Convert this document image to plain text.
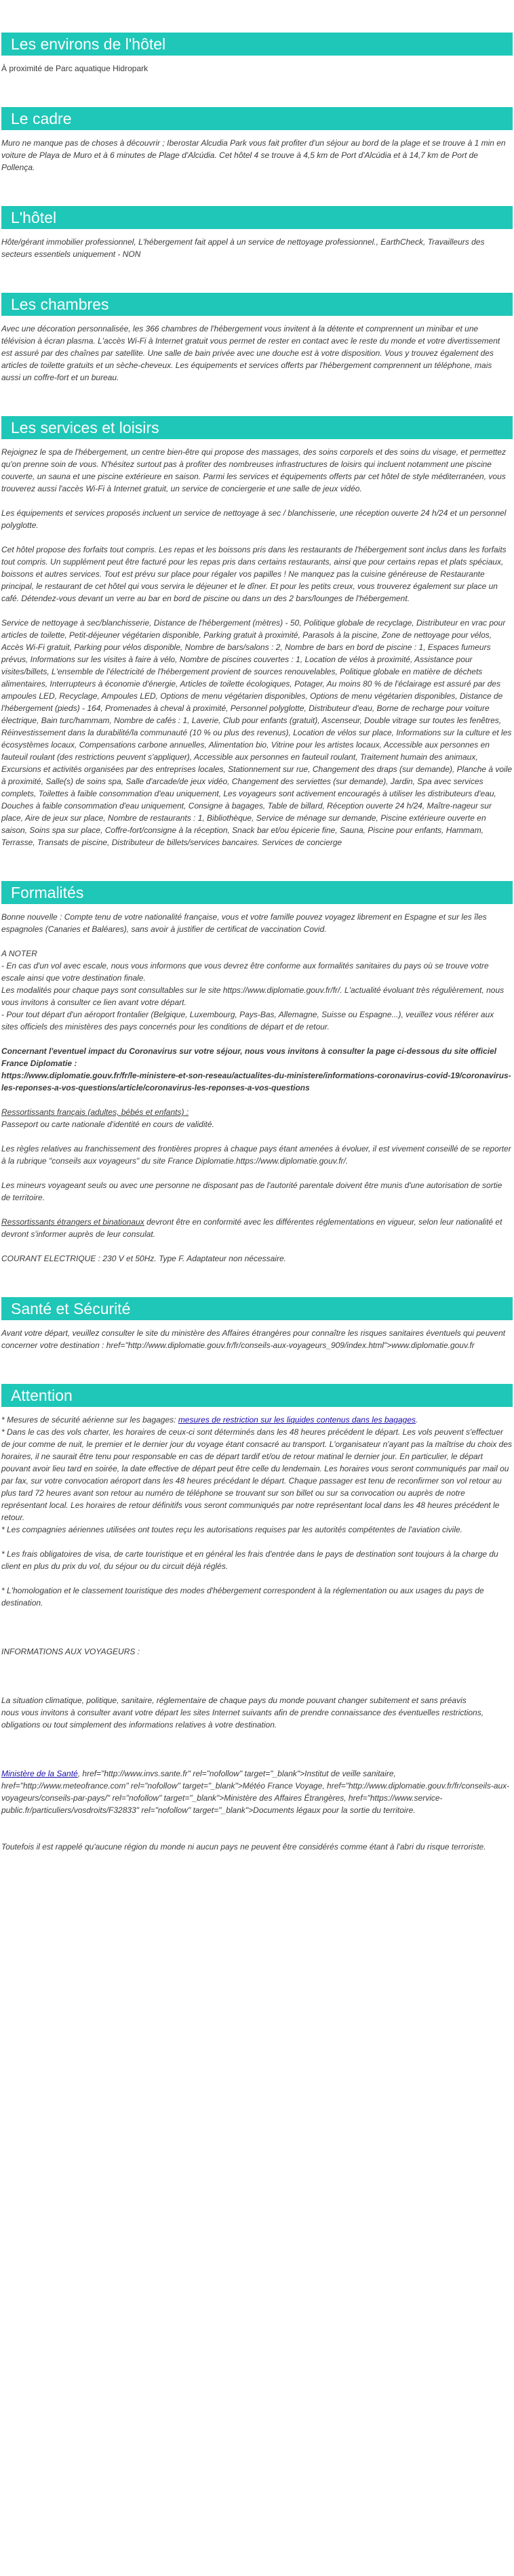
Les environs de l'hôtel

À proximité de Parc aquatique Hidropark

Le cadre

Muro ne manque pas de choses à découvrir ; Iberostar Alcudia Park vous fait profiter d'un séjour au bord de la plage et se trouve à 1 min en voiture de Playa de Muro et à 6 minutes de Plage d'Alcúdia. Cet hôtel 4 se trouve à 4,5 km de Port d'Alcúdia et à 14,7 km de Port de Pollença.

L'hôtel

Hôte/gérant immobilier professionnel, L'hébergement fait appel à un service de nettoyage professionnel., EarthCheck, Travailleurs des secteurs essentiels uniquement - NON

Les chambres

Avec une décoration personnalisée, les 366 chambres de l'hébergement vous invitent à la détente et comprennent un minibar et une télévision à écran plasma. L'accès Wi-Fi à Internet gratuit vous permet de rester en contact avec le reste du monde et votre divertissement est assuré par des chaînes par satellite. Une salle de bain privée avec une douche est à votre disposition. Vous y trouvez également des articles de toilette gratuits et un sèche-cheveux. Les équipements et services offerts par l'hébergement comprennent un téléphone, mais aussi un coffre-fort et un bureau.

Les services et loisirs

Rejoignez le spa de l'hébergement, un centre bien-être qui propose des massages, des soins corporels et des soins du visage, et permettez qu'on prenne soin de vous. N'hésitez surtout pas à profiter des nombreuses infrastructures de loisirs qui incluent notamment une piscine couverte, un sauna et une piscine extérieure en saison. Parmi les services et équipements offerts par cet hôtel de style méditerranéen, vous trouverez aussi l'accès Wi-Fi à Internet gratuit, un service de conciergerie et une salle de jeux vidéo.

Les équipements et services proposés incluent un service de nettoyage à sec / blanchisserie, une réception ouverte 24 h/24 et un personnel polyglotte.

Cet hôtel propose des forfaits tout compris. Les repas et les boissons pris dans les restaurants de l'hébergement sont inclus dans les forfaits tout compris. Un supplément peut être facturé pour les repas pris dans certains restaurants, ainsi que pour certains repas et plats spéciaux, boissons et autres services. Tout est prévu sur place pour régaler vos papilles ! Ne manquez pas la cuisine généreuse de Restaurante principal, le restaurant de cet hôtel qui vous servira le déjeuner et le dîner. Et pour les petits creux, vous trouverez également sur place un café. Détendez-vous devant un verre au bar en bord de piscine ou dans un des 2 bars/lounges de l'hébergement.

Service de nettoyage à sec/blanchisserie, Distance de l'hébergement (mètres) - 50, Politique globale de recyclage, Distributeur en vrac pour articles de toilette, Petit-déjeuner végétarien disponible, Parking gratuit à proximité, Parasols à la piscine, Zone de nettoyage pour vélos, Accès Wi-Fi gratuit, Parking pour vélos disponible, Nombre de bars/salons : 2, Nombre de bars en bord de piscine : 1, Espaces fumeurs prévus, Informations sur les visites à faire à vélo, Nombre de piscines couvertes : 1, Location de vélos à proximité, Assistance pour visites/billets, L'ensemble de l'électricité de l'hébergement provient de sources renouvelables, Politique globale en matière de déchets alimentaires, Interrupteurs à économie d'énergie, Articles de toilette écologiques, Potager, Au moins 80 % de l'éclairage est assuré par des ampoules LED, Recyclage, Ampoules LED, Options de menu végétarien disponibles, Options de menu végétarien disponibles, Distance de l'hébergement (pieds) - 164, Promenades à cheval à proximité, Personnel polyglotte, Distributeur d'eau, Borne de recharge pour voiture électrique, Bain turc/hammam, Nombre de cafés : 1, Laverie, Club pour enfants (gratuit), Ascenseur, Double vitrage sur toutes les fenêtres, Réinvestissement dans la durabilité/la communauté (10 % ou plus des revenus), Location de vélos sur place, Informations sur la culture et les écosystèmes locaux, Compensations carbone annuelles, Alimentation bio, Vitrine pour les artistes locaux, Accessible aux personnes en fauteuil roulant (des restrictions peuvent s'appliquer), Accessible aux personnes en fauteuil roulant, Traitement humain des animaux, Excursions et activités organisées par des entreprises locales, Stationnement sur rue, Changement des draps (sur demande), Planche à voile à proximité, Salle(s) de soins spa, Salle d'arcade/de jeux vidéo, Changement des serviettes (sur demande), Jardin, Spa avec services complets, Toilettes à faible consommation d'eau uniquement, Les voyageurs sont activement encouragés à utiliser les distributeurs d'eau, Douches à faible consommation d'eau uniquement, Consigne à bagages, Table de billard, Réception ouverte 24 h/24, Maître-nageur sur place, Aire de jeux sur place, Nombre de restaurants : 1, Bibliothèque, Service de ménage sur demande, Piscine extérieure ouverte en saison, Soins spa sur place, Coffre-fort/consigne à la réception, Snack bar et/ou épicerie fine, Sauna, Piscine pour enfants, Hammam, Terrasse, Transats de piscine, Distributeur de billets/services bancaires. Services de concierge

Formalités

Bonne nouvelle : Compte tenu de votre nationalité française, vous et votre famille pouvez voyagez librement en Espagne et sur les îles espagnoles (Canaries et Baléares), sans avoir à justifier de certificat de vaccination Covid.

A NOTER
- En cas d'un vol avec escale, nous vous informons que vous devrez être conforme aux formalités sanitaires du pays où se trouve votre escale ainsi que votre destination finale.
Les modalités pour chaque pays sont consultables sur le site https://www.diplomatie.gouv.fr/fr/. L'actualité évoluant très régulièrement, nous vous invitons à consulter ce lien avant votre départ.

- Pour tout départ d'un aéroport frontalier (Belgique, Luxembourg, Pays-Bas, Allemagne, Suisse ou Espagne...), veuillez vous référer aux sites officiels des ministères des pays concernés pour les conditions de départ et de retour.

Concernant l'eventuel impact du Coronavirus sur votre séjour, nous vous invitons à consulter la page ci-dessous du site officiel France Diplomatie :

https://www.diplomatie.gouv.fr/fr/le-ministere-et-son-reseau/actualites-du-ministere/informations-coronavirus-covid-19/coronavirus-les-reponses-a-vos-questions/article/coronavirus-les-reponses-a-vos-questions

Ressortissants français (adultes, bébés et enfants) :

Passeport ou carte nationale d'identité en cours de validité.

Les règles relatives au franchissement des frontières propres à chaque pays étant amenées à évoluer, il est vivement conseillé de se reporter à la rubrique "conseils aux voyageurs" du site France Diplomatie.https://www.diplomatie.gouv.fr/.

Les mineurs voyageant seuls ou avec une personne ne disposant pas de l'autorité parentale doivent être munis d'une autorisation de sortie de territoire.

Ressortissants étrangers et binationaux devront être en conformité avec les différentes réglementations en vigueur, selon leur nationalité et devront s'informer auprès de leur consulat.

COURANT ELECTRIQUE : 230 V et 50Hz. Type F. Adaptateur non nécessaire.

Santé et Sécurité

Avant votre départ, veuillez consulter le site du ministère des Affaires étrangères pour connaître les risques sanitaires éventuels qui peuvent concerner votre destination : href="http://www.diplomatie.gouv.fr/fr/conseils-aux-voyageurs_909/index.html">www.diplomatie.gouv.fr

Attention
* Mesures de sécurité aérienne sur les bagages: mesures de restriction sur les liquides contenus dans les bagages.
* Dans le cas des vols charter, les horaires de ceux-ci sont déterminés dans les 48 heures précédent le départ. Les vols peuvent s'effectuer de jour comme de nuit, le premier et le dernier jour du voyage étant consacré au transport. L'organisateur n'ayant pas la maîtrise du choix des horaires, il ne saurait être tenu pour responsable en cas de départ tardif et/ou de retour matinal le dernier jour. En particulier, le départ pouvant avoir lieu tard en soirée, la date effective de départ peut être celle du lendemain. Les horaires vous seront communiqués par mail ou par fax, sur votre convocation aéroport dans les 48 heures précédant le départ. Chaque passager est tenu de reconfirmer son vol retour au plus tard 72 heures avant son retour au numéro de téléphone se trouvant sur son billet ou sur sa convocation ou auprès de notre représentant local. Les horaires de retour définitifs vous seront communiqués par notre représentant local dans les 48 heures précédent le retour.
* Les compagnies aériennes utilisées ont toutes reçu les autorisations requises par les autorités compétentes de l'aviation civile.
* Les frais obligatoires de visa, de carte touristique et en général les frais d'entrée dans le pays de destination sont toujours à la charge du client en plus du prix du vol, du séjour ou du circuit déjà réglés.
* L'homologation et le classement touristique des modes d'hébergement correspondent à la réglementation ou aux usages du pays de destination.
INFORMATIONS AUX VOYAGEURS :
La situation climatique, politique, sanitaire, réglementaire de chaque pays du monde pouvant changer subitement et sans préavis
nous vous invitons à consulter avant votre départ les sites Internet suivants afin de prendre connaissance des éventuelles restrictions, obligations ou tout simplement des informations relatives à votre destination.
Ministère de la Santé, href="http://www.invs.sante.fr" rel="nofollow" target="_blank">Institut de veille sanitaire, href="http://www.meteofrance.com" rel="nofollow" target="_blank">Météo France Voyage, href="http://www.diplomatie.gouv.fr/fr/conseils-aux-voyageurs/conseils-par-pays/" rel="nofollow" target="_blank">Ministère des Affaires Étrangères, href="https://www.service-public.fr/particuliers/vosdroits/F32833" rel="nofollow" target="_blank">Documents légaux pour la sortie du territoire.
Toutefois il est rappelé qu'aucune région du monde ni aucun pays ne peuvent être considérés comme étant à l'abri du risque terroriste.
